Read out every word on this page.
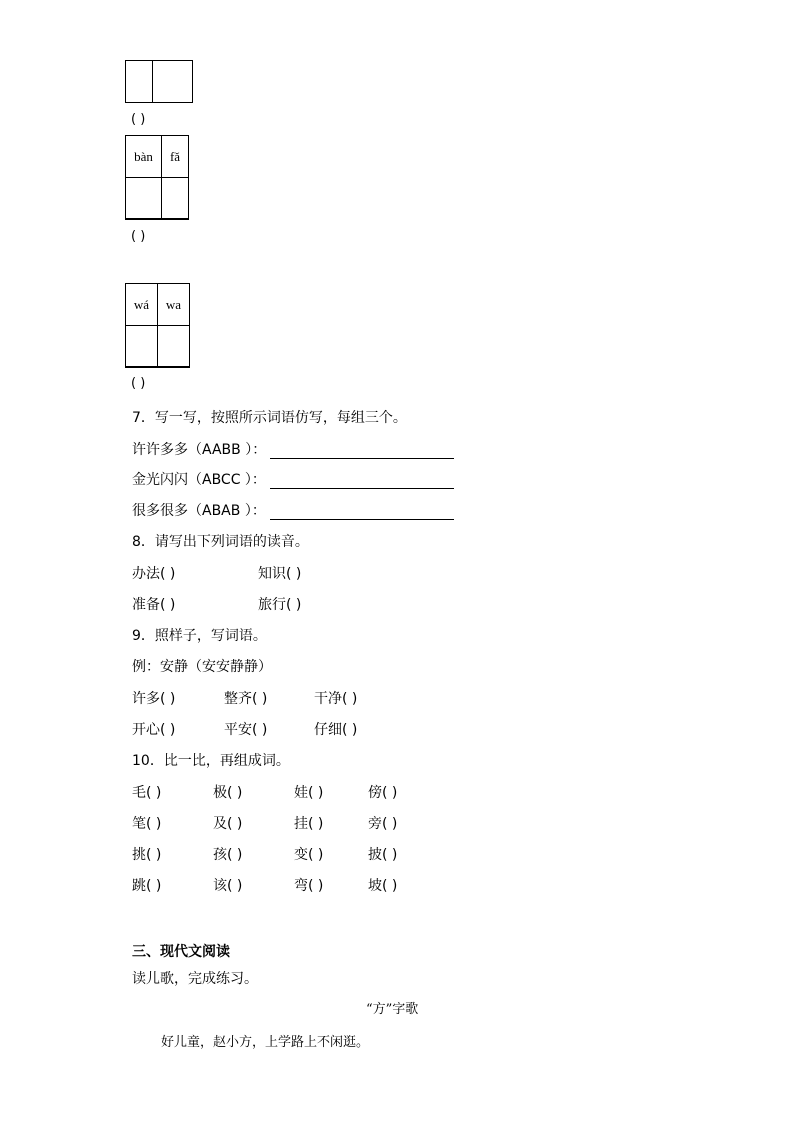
( )
bàn	fǎ
( )
wá	wa
( )
7．写一写，按照所示词语仿写，每组三个。
许许多多（AABB ）：
金光闪闪（ABCC ）：
很多很多（ABAB ）：
8．请写出下列词语的读音。
办法( )	知识( )
准备( )	旅行( )
9．照样子，写词语。
例：安静（安安静静）
许多( )	整齐( )	干净( )
开心( )	平安( )	仔细( )
10．比一比，再组成词。
毛( )	极( )	娃( )	傍( )
笔( )	及( )	挂( )	旁( )
挑( )	孩( )	变( )	披( )
跳( )	该( )	弯( )	坡( )
三、现代文阅读
读儿歌，完成练习。
“方”字歌
好儿童，赵小方，上学路上不闲逛。
